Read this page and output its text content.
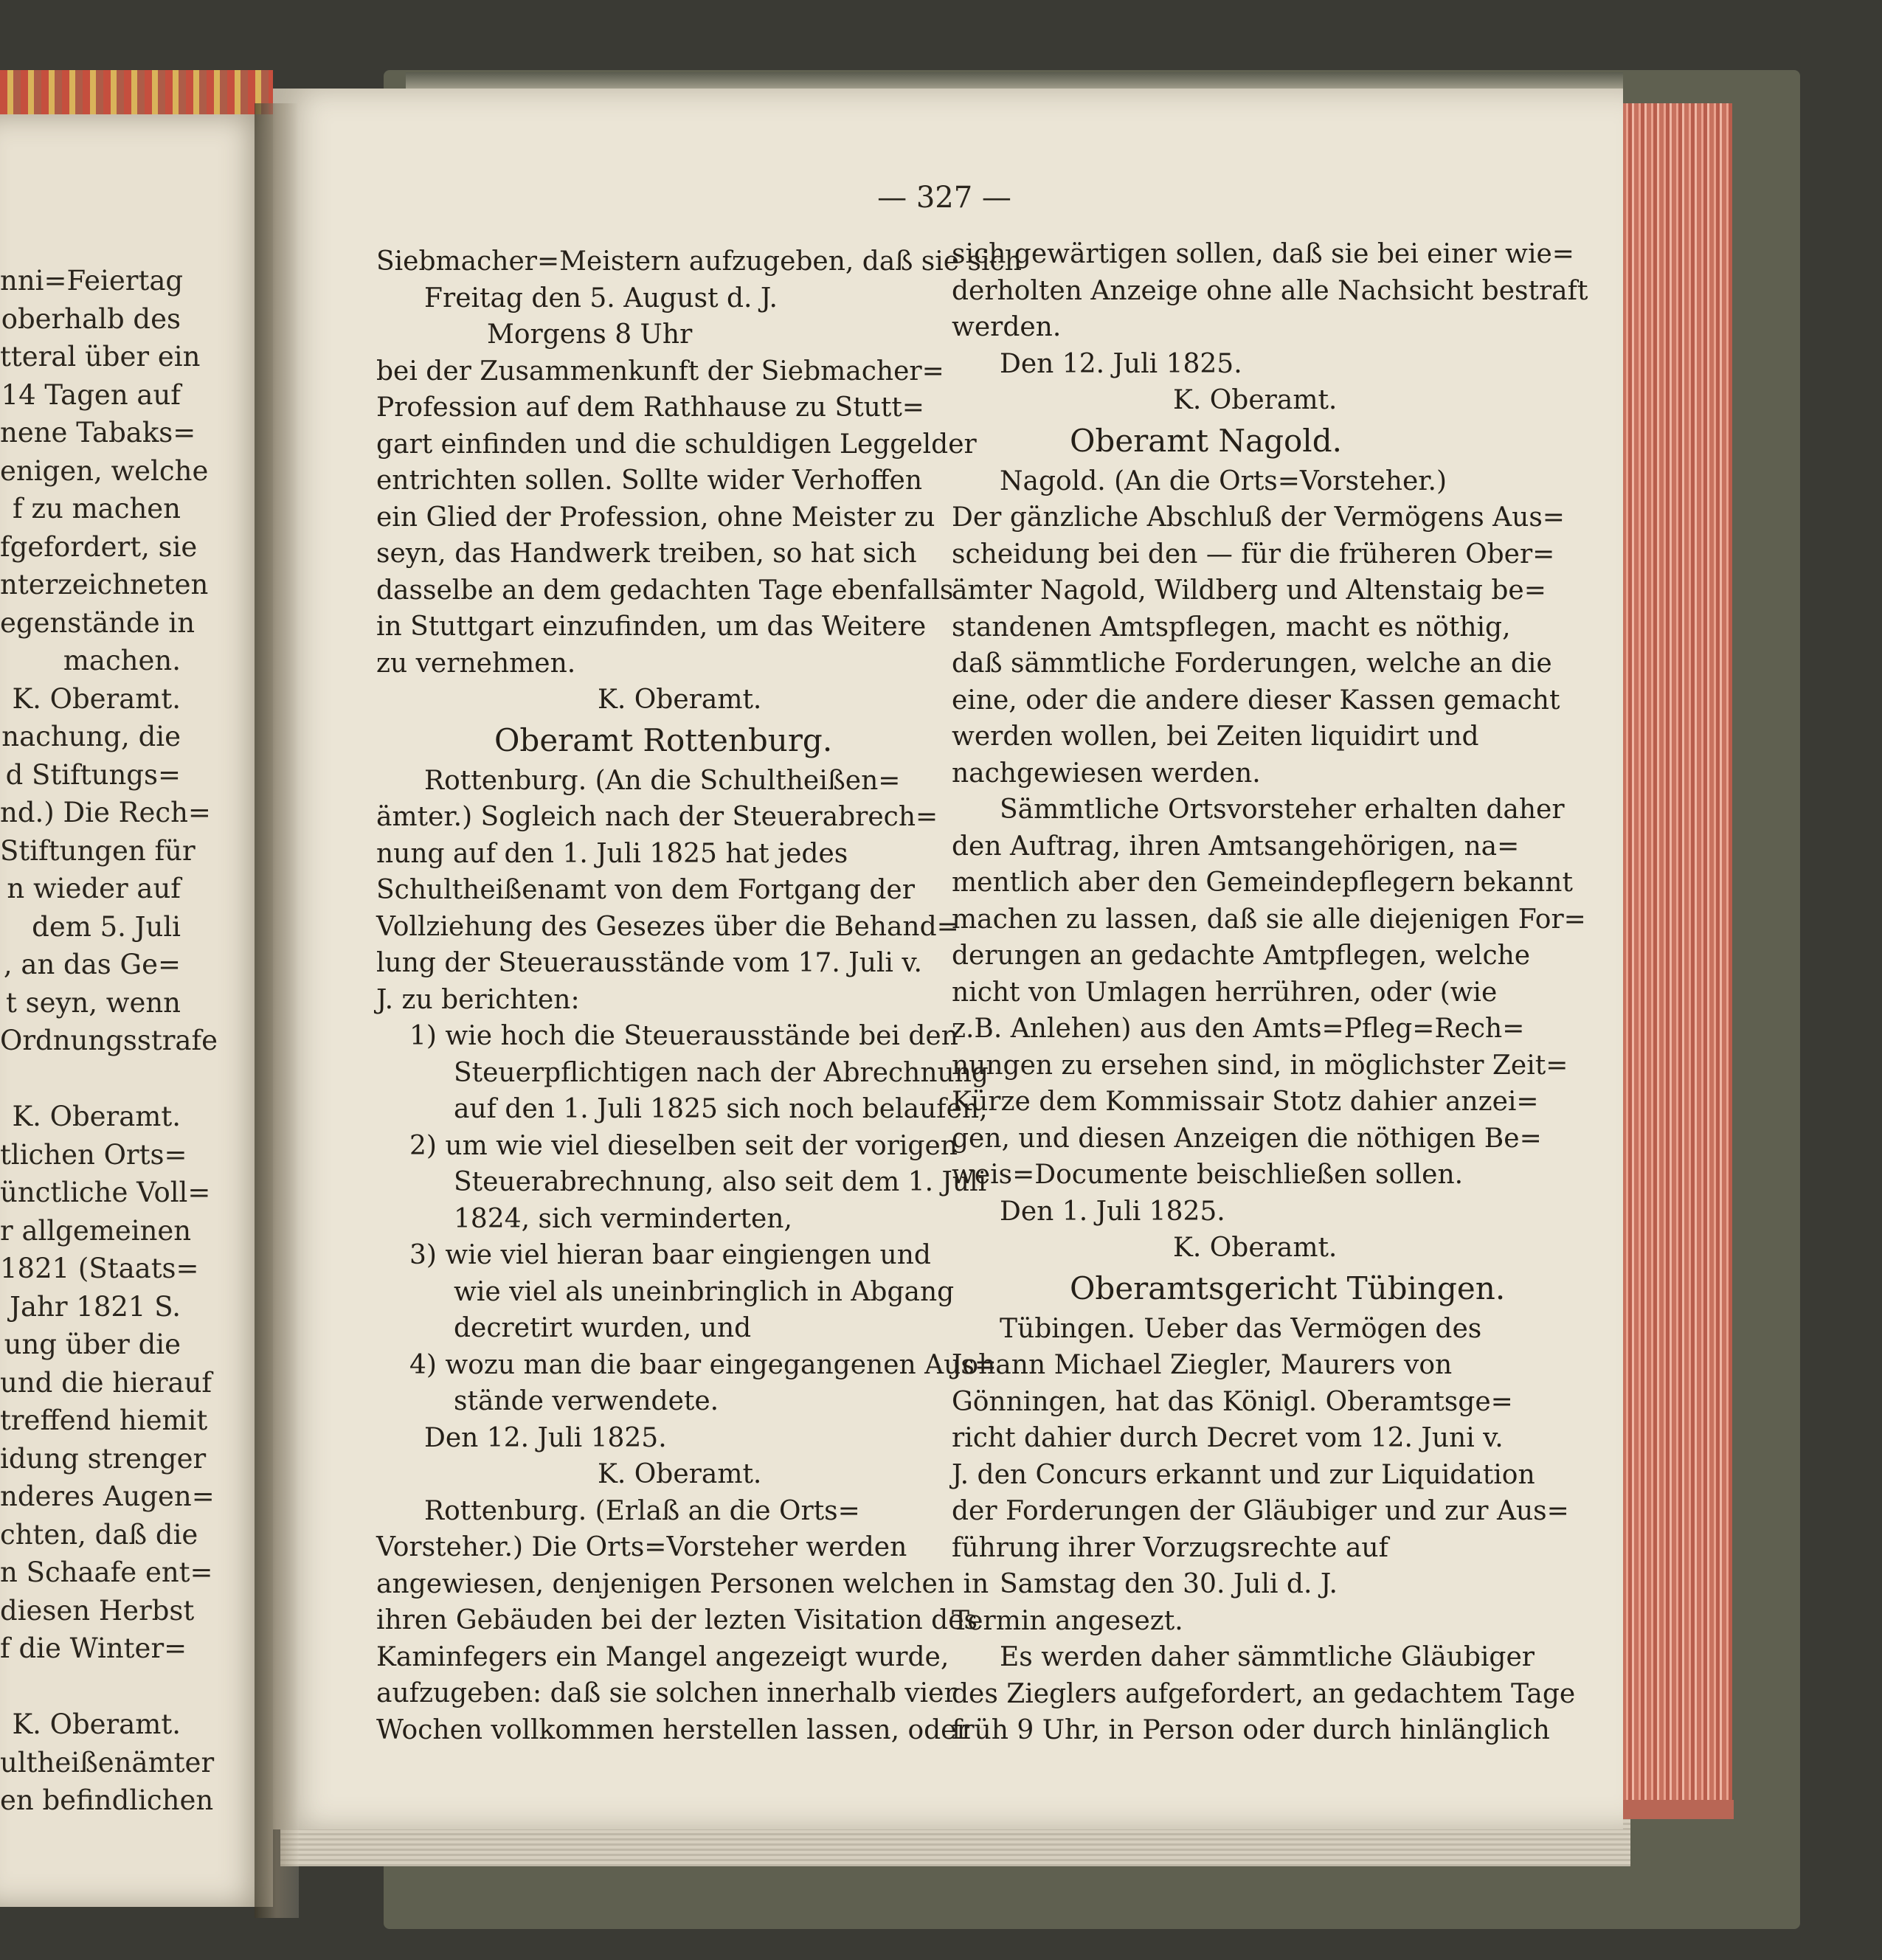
nni=Feiertag
oberhalb des
tteral über ein
14 Tagen auf
nene Tabaks=
enigen, welche
f zu machen
fgefordert, sie
nterzeichneten
egenstände in
machen.
K. Oberamt.
nachung, die
d Stiftungs=
nd.) Die Rech=
Stiftungen für
n wieder auf
dem 5. Juli
, an das Ge=
t seyn, wenn
Ordnungsstrafe
K. Oberamt.
tlichen Orts=
ünctliche Voll=
r allgemeinen
1821 (Staats=
Jahr 1821 S.
ung über die
und die hierauf
treffend hiemit
idung strenger
nderes Augen=
chten, daß die
n Schaafe ent=
diesen Herbst
f die Winter=
K. Oberamt.
ultheißenämter
en befindlichen
— 327 —
Siebmacher=Meistern aufzugeben, daß sie sich
Freitag den 5. August d. J.
Morgens 8 Uhr
bei der Zusammenkunft der Siebmacher=
Profession auf dem Rathhause zu Stutt=
gart einfinden und die schuldigen Leggelder
entrichten sollen. Sollte wider Verhoffen
ein Glied der Profession, ohne Meister zu
seyn, das Handwerk treiben, so hat sich
dasselbe an dem gedachten Tage ebenfalls
in Stuttgart einzufinden, um das Weitere
zu vernehmen.
K. Oberamt.
Oberamt Rottenburg.
Rottenburg. (An die Schultheißen=
ämter.) Sogleich nach der Steuerabrech=
nung auf den 1. Juli 1825 hat jedes
Schultheißenamt von dem Fortgang der
Vollziehung des Gesezes über die Behand=
lung der Steuerausstände vom 17. Juli v.
J. zu berichten:
1) wie hoch die Steuerausstände bei den
Steuerpflichtigen nach der Abrechnung
auf den 1. Juli 1825 sich noch belaufen,
2) um wie viel dieselben seit der vorigen
Steuerabrechnung, also seit dem 1. Juli
1824, sich verminderten,
3) wie viel hieran baar eingiengen und
wie viel als uneinbringlich in Abgang
decretirt wurden, und
4) wozu man die baar eingegangenen Aus=
stände verwendete.
Den 12. Juli 1825.
K. Oberamt.
Rottenburg. (Erlaß an die Orts=
Vorsteher.) Die Orts=Vorsteher werden
angewiesen, denjenigen Personen welchen in
ihren Gebäuden bei der lezten Visitation des
Kaminfegers ein Mangel angezeigt wurde,
aufzugeben: daß sie solchen innerhalb vier
Wochen vollkommen herstellen lassen, oder
sich gewärtigen sollen, daß sie bei einer wie=
derholten Anzeige ohne alle Nachsicht bestraft
werden.
Den 12. Juli 1825.
K. Oberamt.
Oberamt Nagold.
Nagold. (An die Orts=Vorsteher.)
Der gänzliche Abschluß der Vermögens Aus=
scheidung bei den — für die früheren Ober=
ämter Nagold, Wildberg und Altenstaig be=
standenen Amtspflegen, macht es nöthig,
daß sämmtliche Forderungen, welche an die
eine, oder die andere dieser Kassen gemacht
werden wollen, bei Zeiten liquidirt und
nachgewiesen werden.
Sämmtliche Ortsvorsteher erhalten daher
den Auftrag, ihren Amtsangehörigen, na=
mentlich aber den Gemeindepflegern bekannt
machen zu lassen, daß sie alle diejenigen For=
derungen an gedachte Amtpflegen, welche
nicht von Umlagen herrühren, oder (wie
z.B. Anlehen) aus den Amts=Pfleg=Rech=
nungen zu ersehen sind, in möglichster Zeit=
Kürze dem Kommissair Stotz dahier anzei=
gen, und diesen Anzeigen die nöthigen Be=
weis=Documente beischließen sollen.
Den 1. Juli 1825.
K. Oberamt.
Oberamtsgericht Tübingen.
Tübingen. Ueber das Vermögen des
Johann Michael Ziegler, Maurers von
Gönningen, hat das Königl. Oberamtsge=
richt dahier durch Decret vom 12. Juni v.
J. den Concurs erkannt und zur Liquidation
der Forderungen der Gläubiger und zur Aus=
führung ihrer Vorzugsrechte auf
Samstag den 30. Juli d. J.
Termin angesezt.
Es werden daher sämmtliche Gläubiger
des Zieglers aufgefordert, an gedachtem Tage
früh 9 Uhr, in Person oder durch hinlänglich
